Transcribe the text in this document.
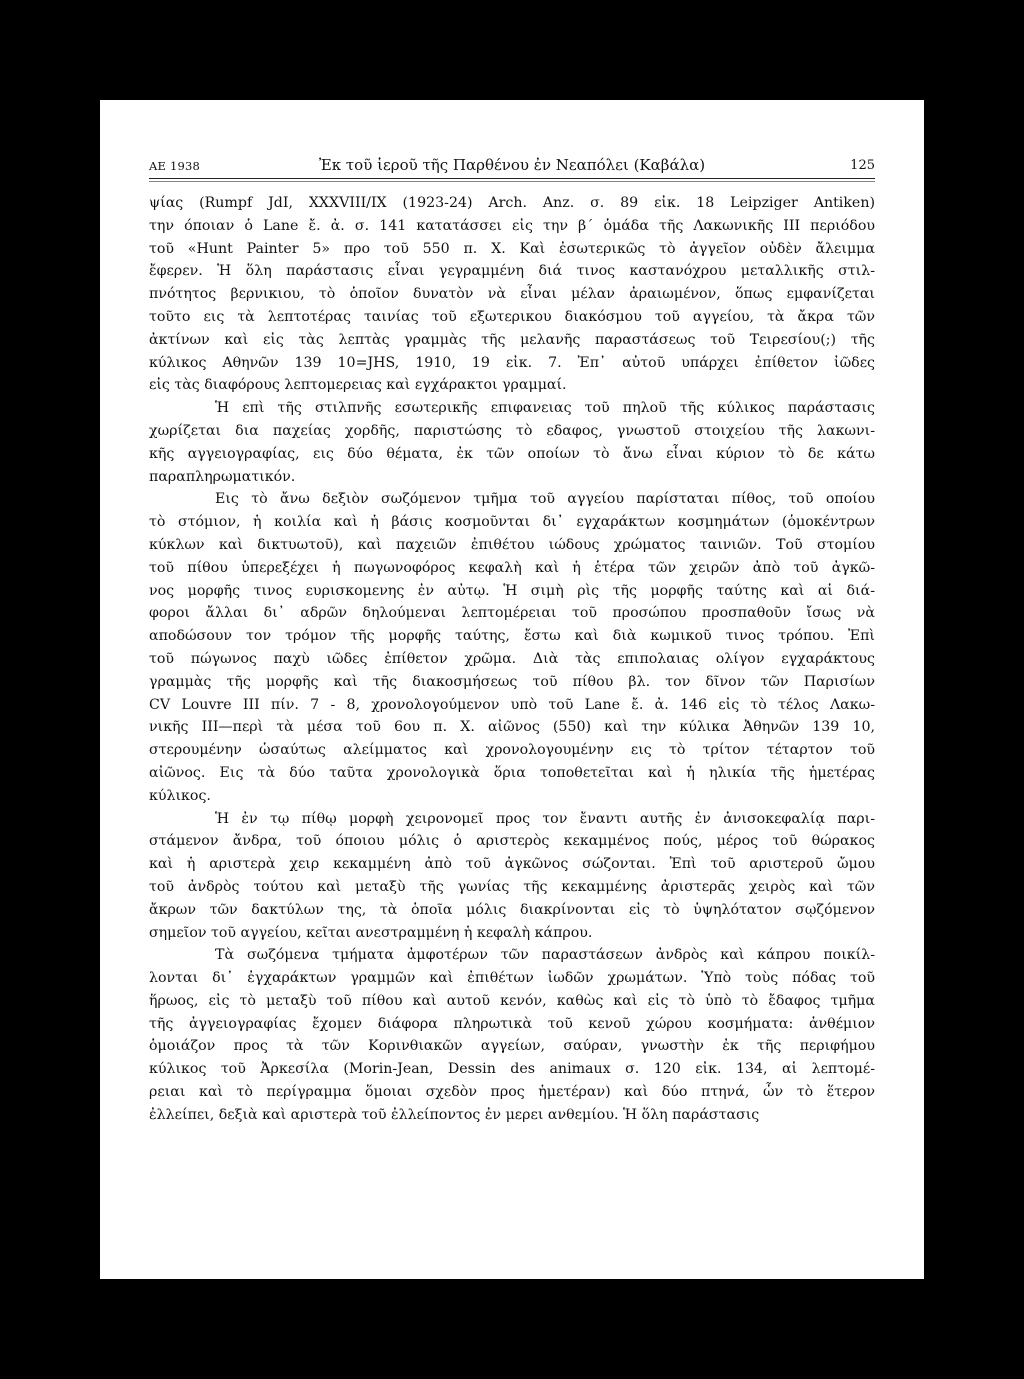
ΑΕ 1938	Ἐκ τοῦ ἱεροῦ τῆς Παρθένου ἐν Νεαπόλει (Καβάλα)	125
ψίας (Rumpf JdI, XXXVIII/IX (1923-24) Arch. Anz. σ. 89 εἰκ. 18 Leipziger Antiken)
την όποιαν ὁ Lane ἔ. ἀ. σ. 141 κατατάσσει εἰς την β΄ ὁμάδα τῆς Λακωνικῆς ΙΙΙ περιόδου
τοῦ «Hunt Painter 5» προ τοῦ 550 π. Χ. Καὶ ἐσωτερικῶς τὸ ἀγγεῖον οὐδὲν ἄλειμμα
ἔφερεν. Ἡ ὅλη παράστασις εἶναι γεγραμμένη διά τινος καστανόχρου μεταλλικῆς στιλ-
πνότητος βερνικιου, τὸ ὁποῖον δυνατὸν νὰ εἶναι μέλαν ἀραιωμένον, ὅπως εμφανίζεται
τοῦτο εις τὰ λεπτοτέρας ταινίας τοῦ εξωτερικου διακόσμου τοῦ αγγείου, τὰ ἄκρα τῶν
ἀκτίνων καὶ εἰς τὰς λεπτὰς γραμμὰς τῆς μελανῆς παραστάσεως τοῦ Τειρεσίου(;) τῆς
κύλικος Αθηνῶν 139 10=JHS, 1910, 19 εἰκ. 7. Ἐπ᾽ αὐτοῦ υπάρχει ἐπίθετον ἰῶδες
εἰς τὰς διαφόρους λεπτομερειας καὶ εγχάρακτοι γραμμαί.
Ἡ επὶ τῆς στιλπνῆς εσωτερικῆς επιφανειας τοῦ πηλοῦ τῆς κύλικος παράστασις
χωρίζεται δια παχείας χορδῆς, παριστώσης τὸ εδαφος, γνωστοῦ στοιχείου τῆς λακωνι-
κῆς αγγειογραφίας, εις δύο θέματα, ἐκ τῶν οποίων τὸ ἄνω εἶναι κύριον τὸ δε κάτω
παραπληρωματικόν.
Εις τὸ ἄνω δεξιὸν σωζόμενον τμῆμα τοῦ αγγείου παρίσταται πίθος, τοῦ οποίου
τὸ στόμιον, ἡ κοιλία καὶ ἡ βάσις κοσμοῦνται δι᾽ εγχαράκτων κοσμημάτων (ὁμοκέντρων
κύκλων καὶ δικτυωτοῦ), καὶ παχειῶν ἐπιθέτου ιώδους χρώματος ταινιῶν. Τοῦ στομίου
τοῦ πίθου ὑπερεξέχει ἡ πωγωνοφόρος κεφαλὴ καὶ ἡ ἑτέρα τῶν χειρῶν ἀπὸ τοῦ ἀγκῶ-
νος μορφῆς τινος ευρισκομενης ἐν αὐτῳ. Ἡ σιμὴ ρὶς τῆς μορφῆς ταύτης καὶ αἱ διά-
φοροι ἄλλαι δι᾽ αδρῶν δηλούμεναι λεπτομέρειαι τοῦ προσώπου προσπαθοῦν ἴσως νὰ
αποδώσουν τον τρόμον τῆς μορφῆς ταύτης, ἔστω καὶ διὰ κωμικοῦ τινος τρόπου. Ἐπὶ
τοῦ πώγωνος παχὺ ιῶδες ἐπίθετον χρῶμα. Διὰ τὰς επιπολαιας ολίγον εγχαράκτους
γραμμὰς τῆς μορφῆς καὶ τῆς διακοσμήσεως τοῦ πίθου βλ. τον δῖνον τῶν Παρισίων
CV Louvre III πίν. 7 - 8, χρονολογούμενον υπὸ τοῦ Lane ἔ. ἀ. 146 εἰς τὸ τέλος Λακω-
νικῆς ΙΙΙ—περὶ τὰ μέσα τοῦ 6ου π. Χ. αἰῶνος (550) καὶ την κύλικα Ἀθηνῶν 139 10,
στερουμένην ὡσαύτως αλείμματος καὶ χρονολογουμένην εις τὸ τρίτον τέταρτον τοῦ
αἰῶνος. Εις τὰ δύο ταῦτα χρονολογικὰ ὅρια τοποθετεῖται καὶ ἡ ηλικία τῆς ἡμετέρας
κύλικος.
Ἡ ἐν τῳ πίθῳ μορφὴ χειρονομεῖ προς τον ἔναντι αυτῆς ἐν ἀνισοκεφαλίᾳ παρι-
στάμενον ἄνδρα, τοῦ όποιου μόλις ὁ αριστερὸς κεκαμμένος πούς, μέρος τοῦ θώρακος
καὶ ἡ αριστερὰ χειρ κεκαμμένη ἀπὸ τοῦ ἀγκῶνος σώζονται. Ἐπὶ τοῦ αριστεροῦ ὤμου
τοῦ ἀνδρὸς τούτου καὶ μεταξὺ τῆς γωνίας τῆς κεκαμμένης ἀριστερᾶς χειρὸς καὶ τῶν
ἄκρων τῶν δακτύλων της, τὰ ὁποῖα μόλις διακρίνονται εἰς τὸ ὑψηλότατον σῳζόμενον
σημεῖον τοῦ αγγείου, κεῖται ανεστραμμένη ἡ κεφαλὴ κάπρου.
Τὰ σωζόμενα τμήματα ἀμφοτέρων τῶν παραστάσεων ἀνδρὸς καὶ κάπρου ποικίλ-
λονται δι᾽ ἐγχαράκτων γραμμῶν καὶ ἐπιθέτων ἰωδῶν χρωμάτων. Ὑπὸ τοὺς πόδας τοῦ
ἥρωος, εἰς τὸ μεταξὺ τοῦ πίθου καὶ αυτοῦ κενόν, καθὼς καὶ εἰς τὸ ὑπὸ τὸ ἔδαφος τμῆμα
τῆς ἀγγειογραφίας ἔχομεν διάφορα πληρωτικὰ τοῦ κενοῦ χώρου κοσμήματα: ἀνθέμιον
ὁμοιάζον προς τὰ τῶν Κορινθιακῶν αγγείων, σαύραν, γνωστὴν ἐκ τῆς περιφήμου
κύλικος τοῦ Ἀρκεσίλα (Morin-Jean, Dessin des animaux σ. 120 εἰκ. 134, αἱ λεπτομέ-
ρειαι καὶ τὸ περίγραμμα ὅμοιαι σχεδὸν προς ἡμετέραν) καὶ δύο πτηνά, ὧν τὸ ἕτερον
ἐλλείπει, δεξιὰ καὶ αριστερὰ τοῦ ἐλλείποντος ἐν μερει ανθεμίου. Ἡ ὅλη παράστασις
